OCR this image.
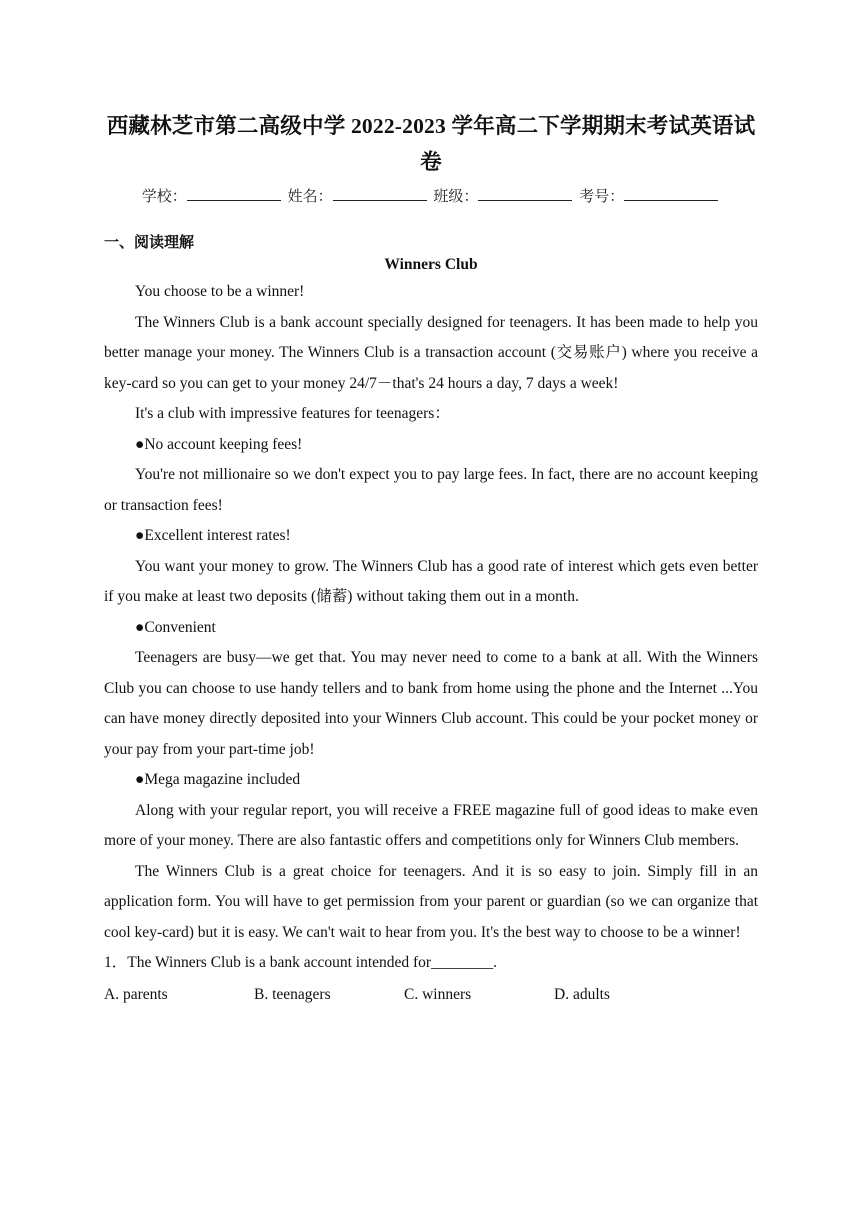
西藏林芝市第二高级中学 2022-2023 学年高二下学期期末考试英语试卷
学校：	姓名：	班级：	考号：
一、阅读理解
Winners Club

You choose to be a winner!

The Winners Club is a bank account specially designed for teenagers. It has been made to help you better manage your money. The Winners Club is a transaction account (交易账户) where you receive a key-card so you can get to your money 24/7－that's 24 hours a day, 7 days a week!

It's a club with impressive features for teenagers：

●No account keeping fees!

You're not millionaire so we don't expect you to pay large fees. In fact, there are no account keeping or transaction fees!

●Excellent interest rates!

You want your money to grow. The Winners Club has a good rate of interest which gets even better if you make at least two deposits (储蓄) without taking them out in a month.

●Convenient

Teenagers are busy—we get that. You may never need to come to a bank at all. With the Winners Club you can choose to use handy tellers and to bank from home using the phone and the Internet ...You can have money directly deposited into your Winners Club account. This could be your pocket money or your pay from your part-time job!

●Mega magazine included

Along with your regular report, you will receive a FREE magazine full of good ideas to make even more of your money. There are also fantastic offers and competitions only for Winners Club members.

The Winners Club is a great choice for teenagers. And it is so easy to join. Simply fill in an application form. You will have to get permission from your parent or guardian (so we can organize that cool key-card) but it is easy. We can't wait to hear from you. It's the best way to choose to be a winner!

1．The Winners Club is a bank account intended for________.

A. parents	B. teenagers	C. winners	D. adults
